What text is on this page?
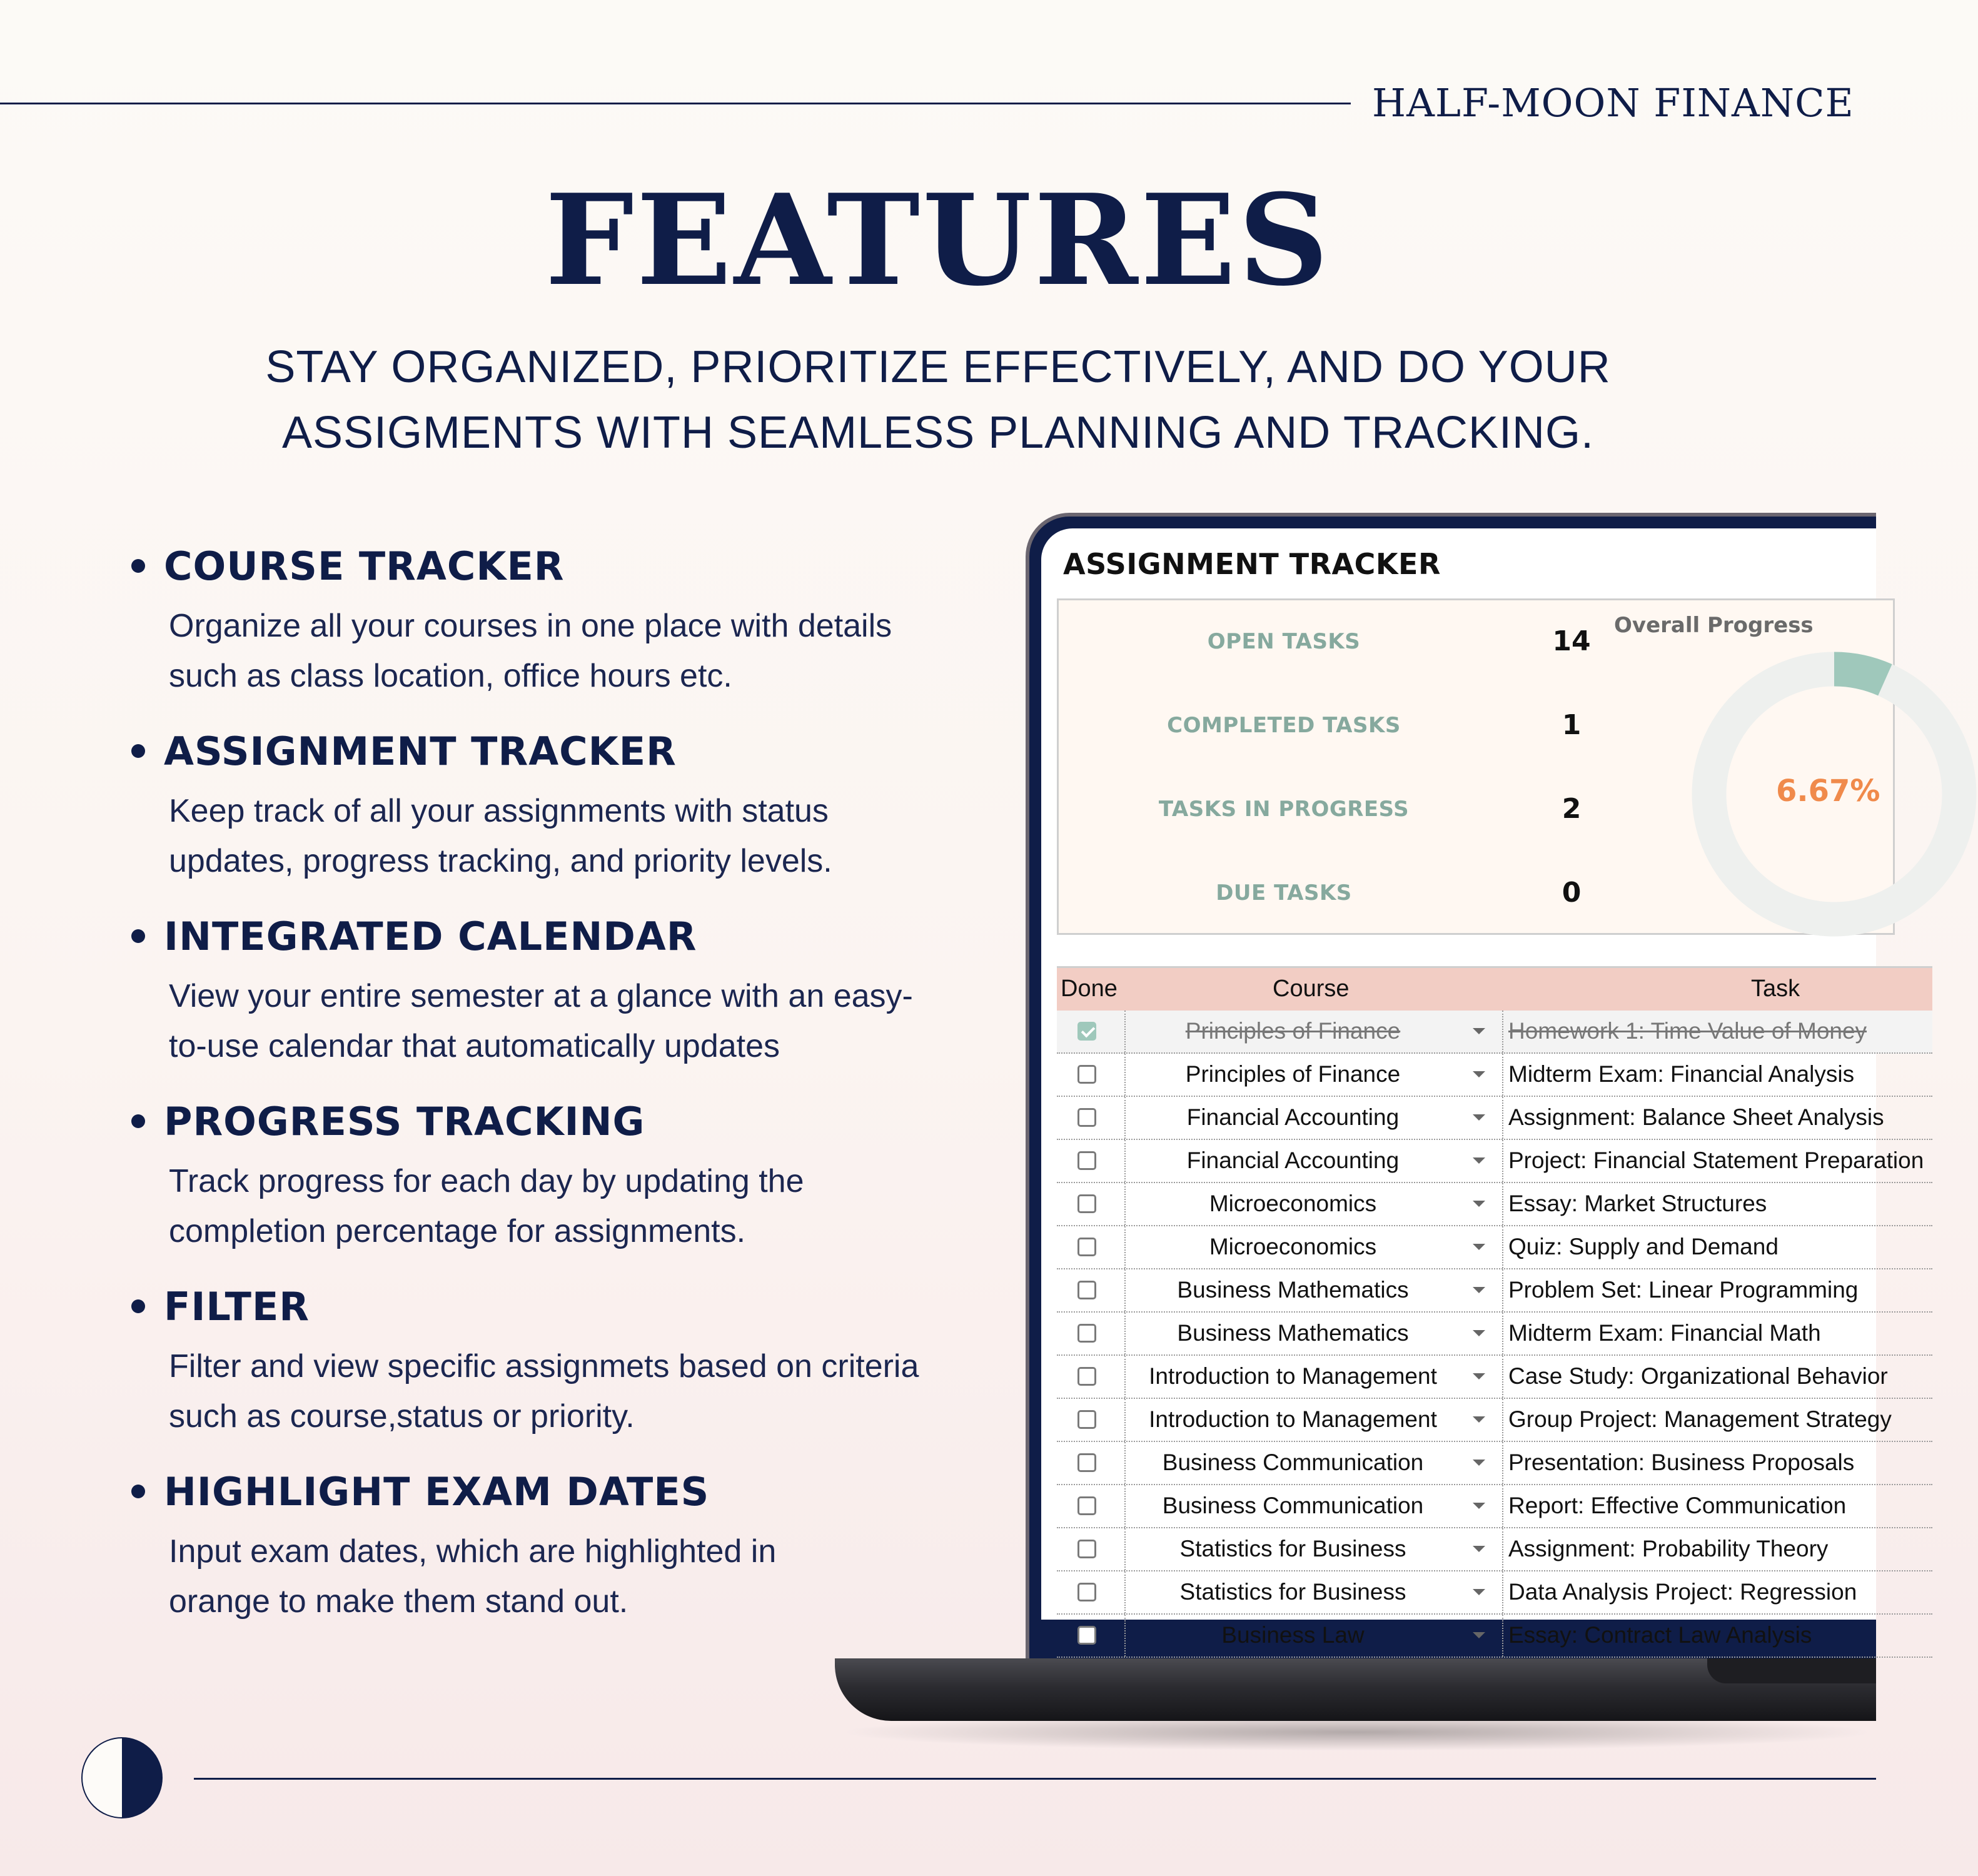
HALF-MOON FINANCE
FEATURES
STAY ORGANIZED, PRIORITIZE EFFECTIVELY, AND DO YOUR
ASSIGMENTS WITH SEAMLESS PLANNING AND TRACKING.
COURSE TRACKER
Organize all your courses in one place with details
such as class location, office hours etc.
ASSIGNMENT TRACKER
Keep track of all your assignments with status
updates, progress tracking, and priority levels.
INTEGRATED CALENDAR
View your entire semester at a glance with an easy-
to-use calendar that automatically updates
PROGRESS TRACKING
Track progress for each day by updating the
completion percentage for assignments.
FILTER
Filter and view specific assignmets based on criteria
such as course,status or priority.
HIGHLIGHT EXAM DATES
Input exam dates, which are highlighted in
orange to make them stand out.
ASSIGNMENT TRACKER
OPEN TASKS	14
COMPLETED TASKS	1
TASKS IN PROGRESS	2
DUE TASKS	0
Overall Progress
6.67%
Done	Course	Task
Principles of Finance	Homework 1: Time Value of Money
Principles of Finance	Midterm Exam: Financial Analysis
Financial Accounting	Assignment: Balance Sheet Analysis
Financial Accounting	Project: Financial Statement Preparation
Microeconomics	Essay: Market Structures
Microeconomics	Quiz: Supply and Demand
Business Mathematics	Problem Set: Linear Programming
Business Mathematics	Midterm Exam: Financial Math
Introduction to Management	Case Study: Organizational Behavior
Introduction to Management	Group Project: Management Strategy
Business Communication	Presentation: Business Proposals
Business Communication	Report: Effective Communication
Statistics for Business	Assignment: Probability Theory
Statistics for Business	Data Analysis Project: Regression
Business Law	Essay: Contract Law Analysis
